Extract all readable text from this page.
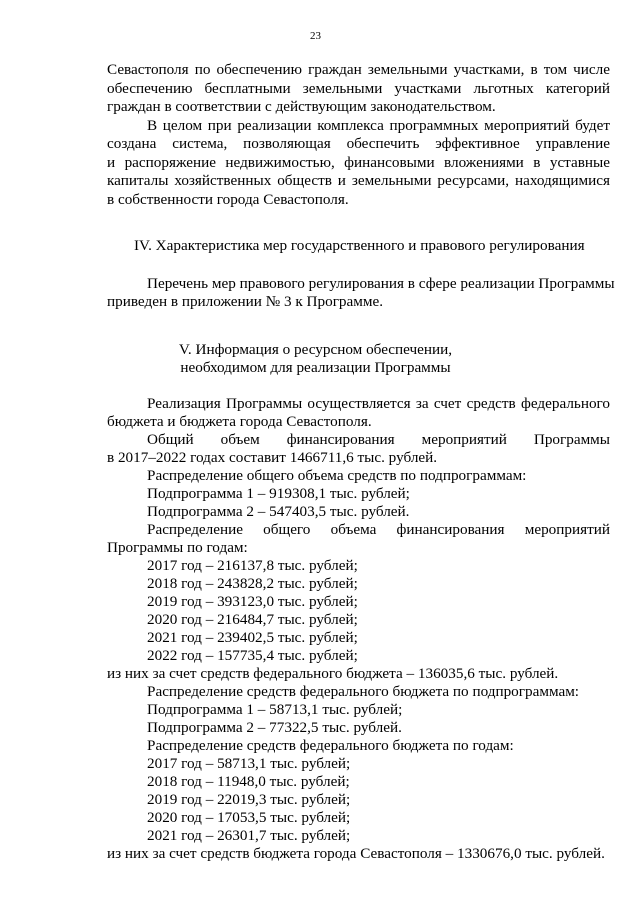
23
Севастополя по обеспечению граждан земельными участками, в том числе
обеспечению бесплатными земельными участками льготных категорий
граждан в соответствии с действующим законодательством.
В целом при реализации комплекса программных мероприятий будет
создана система, позволяющая обеспечить эффективное управление
и распоряжение недвижимостью, финансовыми вложениями в уставные
капиталы хозяйственных обществ и земельными ресурсами, находящимися
в собственности города Севастополя.
IV. Характеристика мер государственного и правового регулирования
Перечень мер правового регулирования в сфере реализации Программы
приведен в приложении № 3 к Программе.
V. Информация о ресурсном обеспечении,
необходимом для реализации Программы
Реализация Программы осуществляется за счет средств федерального
бюджета и бюджета города Севастополя.
Общий объем финансирования мероприятий Программы
в 2017–2022 годах составит 1466711,6 тыс. рублей.
Распределение общего объема средств по подпрограммам:
Подпрограмма 1 – 919308,1 тыс. рублей;
Подпрограмма 2 – 547403,5 тыс. рублей.
Распределение общего объема финансирования мероприятий
Программы по годам:
2017 год – 216137,8 тыс. рублей;
2018 год – 243828,2 тыс. рублей;
2019 год – 393123,0 тыс. рублей;
2020 год – 216484,7 тыс. рублей;
2021 год – 239402,5 тыс. рублей;
2022 год – 157735,4 тыс. рублей;
из них за счет средств федерального бюджета – 136035,6 тыс. рублей.
Распределение средств федерального бюджета по подпрограммам:
Подпрограмма 1 – 58713,1 тыс. рублей;
Подпрограмма 2 – 77322,5 тыс. рублей.
Распределение средств федерального бюджета по годам:
2017 год – 58713,1 тыс. рублей;
2018 год – 11948,0 тыс. рублей;
2019 год – 22019,3 тыс. рублей;
2020 год – 17053,5 тыс. рублей;
2021 год – 26301,7 тыс. рублей;
из них за счет средств бюджета города Севастополя – 1330676,0 тыс. рублей.
